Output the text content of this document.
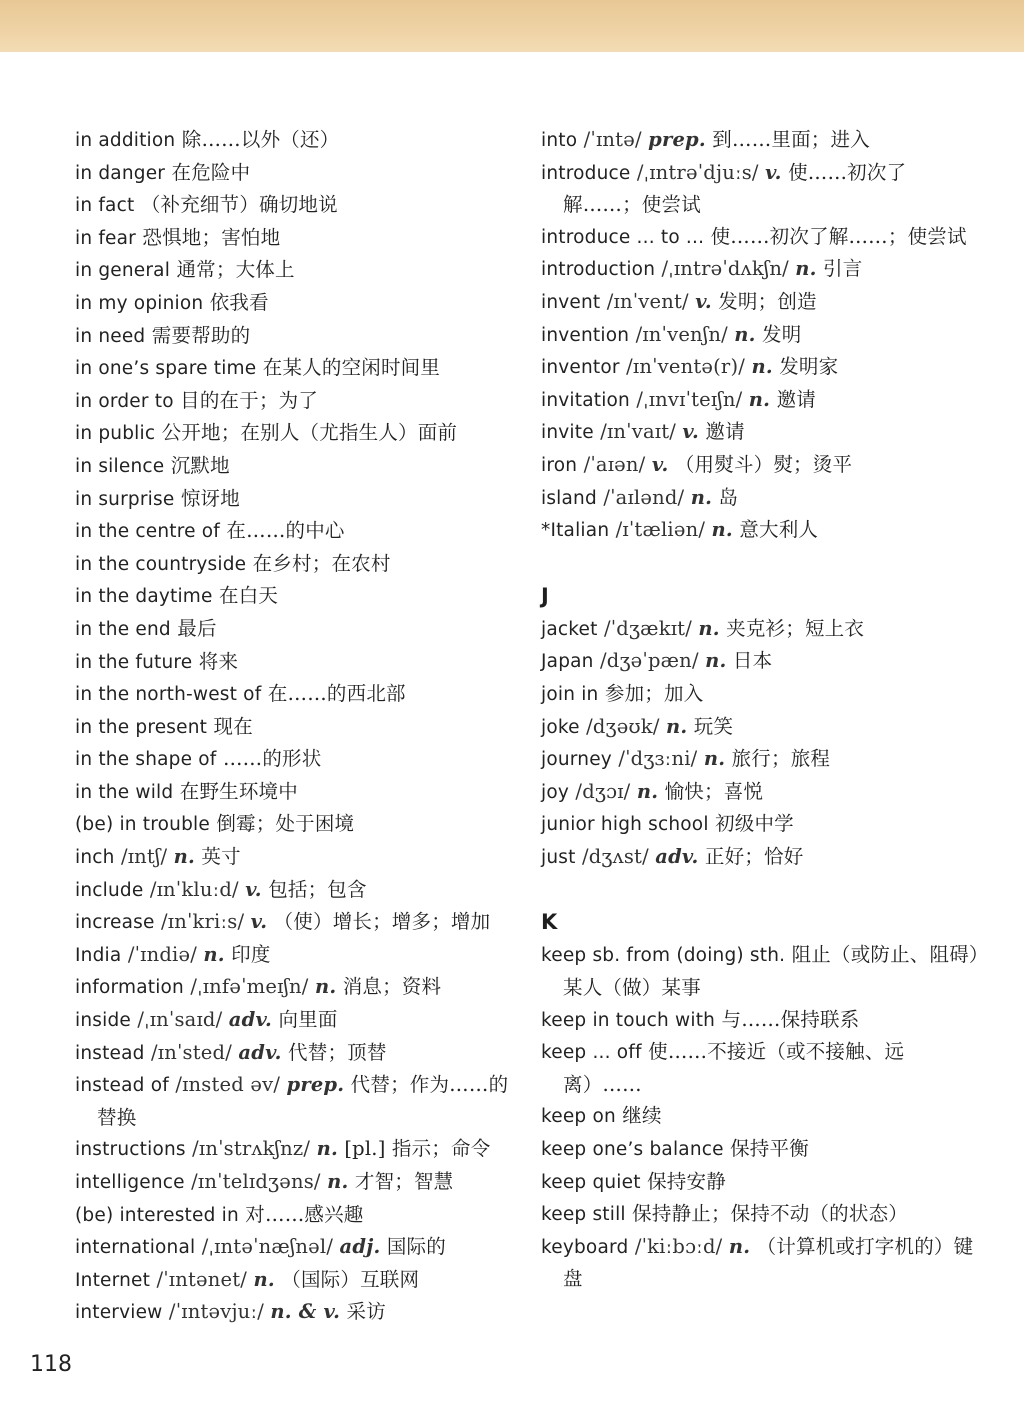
in addition 除……以外（还）

in danger 在危险中

in fact （补充细节）确切地说

in fear 恐惧地；害怕地

in general 通常；大体上

in my opinion 依我看

in need 需要帮助的

in one’s spare time 在某人的空闲时间里

in order to 目的在于；为了

in public 公开地；在别人（尤指生人）面前

in silence 沉默地

in surprise 惊讶地

in the centre of 在……的中心

in the countryside 在乡村；在农村

in the daytime 在白天

in the end 最后

in the future 将来

in the north-west of 在……的西北部

in the present 现在

in the shape of ……的形状

in the wild 在野生环境中

(be) in trouble 倒霉；处于困境

inch /ɪntʃ/ n. 英寸

include /ɪnˈkluːd/ v. 包括；包含

increase /ɪnˈkriːs/ v. （使）增长；增多；增加

India /ˈɪndiə/ n. 印度

information /ˌɪnfəˈmeɪʃn/ n. 消息；资料

inside /ˌɪnˈsaɪd/ adv. 向里面

instead /ɪnˈsted/ adv. 代替；顶替

instead of /ɪnsted əv/ prep. 代替；作为……的替换

instructions /ɪnˈstrʌkʃnz/ n. [pl.] 指示；命令

intelligence /ɪnˈtelɪdʒəns/ n. 才智；智慧

(be) interested in 对……感兴趣

international /ˌɪntəˈnæʃnəl/ adj. 国际的

Internet /ˈɪntənet/ n. （国际）互联网

interview /ˈɪntəvjuː/ n. & v. 采访

into /ˈɪntə/ prep. 到……里面；进入

introduce /ˌɪntrəˈdjuːs/ v. 使……初次了解……；使尝试

introduce ... to ... 使……初次了解……；使尝试

introduction /ˌɪntrəˈdʌkʃn/ n. 引言

invent /ɪnˈvent/ v. 发明；创造

invention /ɪnˈvenʃn/ n. 发明

inventor /ɪnˈventə(r)/ n. 发明家

invitation /ˌɪnvɪˈteɪʃn/ n. 邀请

invite /ɪnˈvaɪt/ v. 邀请

iron /ˈaɪən/ v. （用熨斗）熨；烫平

island /ˈaɪlənd/ n. 岛

*Italian /ɪˈtæliən/ n. 意大利人

J

jacket /ˈdʒækɪt/ n. 夹克衫；短上衣

Japan /dʒəˈpæn/ n. 日本

join in 参加；加入

joke /dʒəʊk/ n. 玩笑

journey /ˈdʒɜːni/ n. 旅行；旅程

joy /dʒɔɪ/ n. 愉快；喜悦

junior high school 初级中学

just /dʒʌst/ adv. 正好；恰好

K

keep sb. from (doing) sth. 阻止（或防止、阻碍）某人（做）某事

keep in touch with 与……保持联系

keep ... off 使……不接近（或不接触、远离）……

keep on 继续

keep one’s balance 保持平衡

keep quiet 保持安静

keep still 保持静止；保持不动（的状态）

keyboard /ˈkiːbɔːd/ n. （计算机或打字机的）键盘

118
